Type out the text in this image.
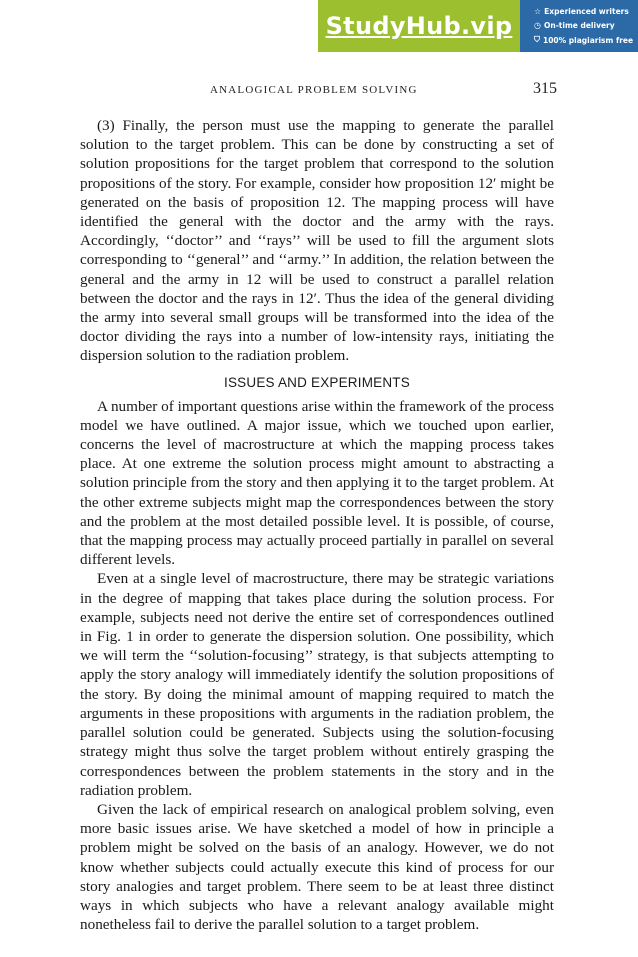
StudyHub.vip
☆ Experienced writers
◷ On-time delivery
⛉ 100% plagiarism free
ANALOGICAL PROBLEM SOLVING	315

(3) Finally, the person must use the mapping to generate the parallel solution to the target problem. This can be done by constructing a set of solution propositions for the target problem that correspond to the solution propositions of the story. For example, consider how proposition 12′ might be generated on the basis of proposition 12. The mapping process will have identified the general with the doctor and the army with the rays. Accordingly, ‘‘doctor’’ and ‘‘rays’’ will be used to fill the argument slots corresponding to ‘‘general’’ and ‘‘army.’’ In addition, the relation between the general and the army in 12 will be used to construct a parallel relation between the doctor and the rays in 12′. Thus the idea of the general dividing the army into several small groups will be transformed into the idea of the doctor dividing the rays into a number of low-intensity rays, initiating the dispersion solution to the radiation problem.

ISSUES AND EXPERIMENTS

A number of important questions arise within the framework of the process model we have outlined. A major issue, which we touched upon earlier, concerns the level of macrostructure at which the mapping process takes place. At one extreme the solution process might amount to abstracting a solution principle from the story and then applying it to the target problem. At the other extreme subjects might map the correspondences between the story and the problem at the most detailed possible level. It is possible, of course, that the mapping process may actually proceed partially in parallel on several different levels.

Even at a single level of macrostructure, there may be strategic variations in the degree of mapping that takes place during the solution process. For example, subjects need not derive the entire set of correspondences outlined in Fig. 1 in order to generate the dispersion solution. One possibility, which we will term the ‘‘solution-focusing’’ strategy, is that subjects attempting to apply the story analogy will immediately identify the solution propositions of the story. By doing the minimal amount of mapping required to match the arguments in these propositions with arguments in the radiation problem, the parallel solution could be generated. Subjects using the solution-focusing strategy might thus solve the target problem without entirely grasping the correspondences between the problem statements in the story and in the radiation problem.

Given the lack of empirical research on analogical problem solving, even more basic issues arise. We have sketched a model of how in principle a problem might be solved on the basis of an analogy. However, we do not know whether subjects could actually execute this kind of process for our story analogies and target problem. There seem to be at least three distinct ways in which subjects who have a relevant analogy available might nonetheless fail to derive the parallel solution to a target problem.
